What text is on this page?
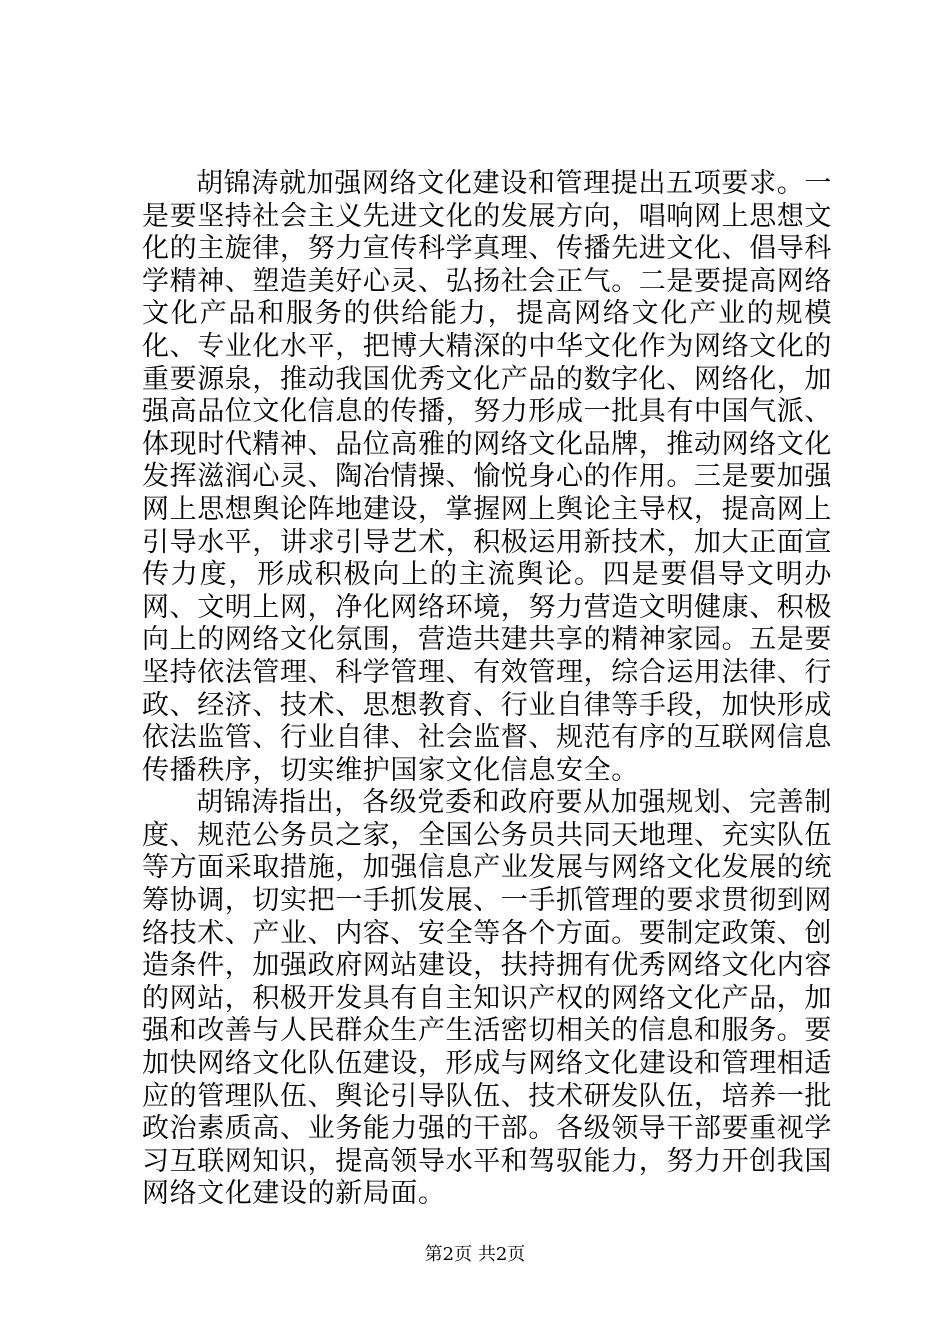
胡锦涛就加强网络文化建设和管理提出五项要求。一是要坚持社会主义先进文化的发展方向，唱响网上思想文化的主旋律，努力宣传科学真理、传播先进文化、倡导科学精神、塑造美好心灵、弘扬社会正气。二是要提高网络文化产品和服务的供给能力，提高网络文化产业的规模化、专业化水平，把博大精深的中华文化作为网络文化的重要源泉，推动我国优秀文化产品的数字化、网络化，加强高品位文化信息的传播，努力形成一批具有中国气派、体现时代精神、品位高雅的网络文化品牌，推动网络文化发挥滋润心灵、陶冶情操、愉悦身心的作用。三是要加强网上思想舆论阵地建设，掌握网上舆论主导权，提高网上引导水平，讲求引导艺术，积极运用新技术，加大正面宣传力度，形成积极向上的主流舆论。四是要倡导文明办网、文明上网，净化网络环境，努力营造文明健康、积极向上的网络文化氛围，营造共建共享的精神家园。五是要坚持依法管理、科学管理、有效管理，综合运用法律、行政、经济、技术、思想教育、行业自律等手段，加快形成依法监管、行业自律、社会监督、规范有序的互联网信息传播秩序，切实维护国家文化信息安全。

胡锦涛指出，各级党委和政府要从加强规划、完善制度、规范公务员之家，全国公务员共同天地理、充实队伍等方面采取措施，加强信息产业发展与网络文化发展的统筹协调，切实把一手抓发展、一手抓管理的要求贯彻到网络技术、产业、内容、安全等各个方面。要制定政策、创造条件，加强政府网站建设，扶持拥有优秀网络文化内容的网站，积极开发具有自主知识产权的网络文化产品，加强和改善与人民群众生产生活密切相关的信息和服务。要加快网络文化队伍建设，形成与网络文化建设和管理相适应的管理队伍、舆论引导队伍、技术研发队伍，培养一批政治素质高、业务能力强的干部。各级领导干部要重视学习互联网知识，提高领导水平和驾驭能力，努力开创我国网络文化建设的新局面。

第2页 共2页
